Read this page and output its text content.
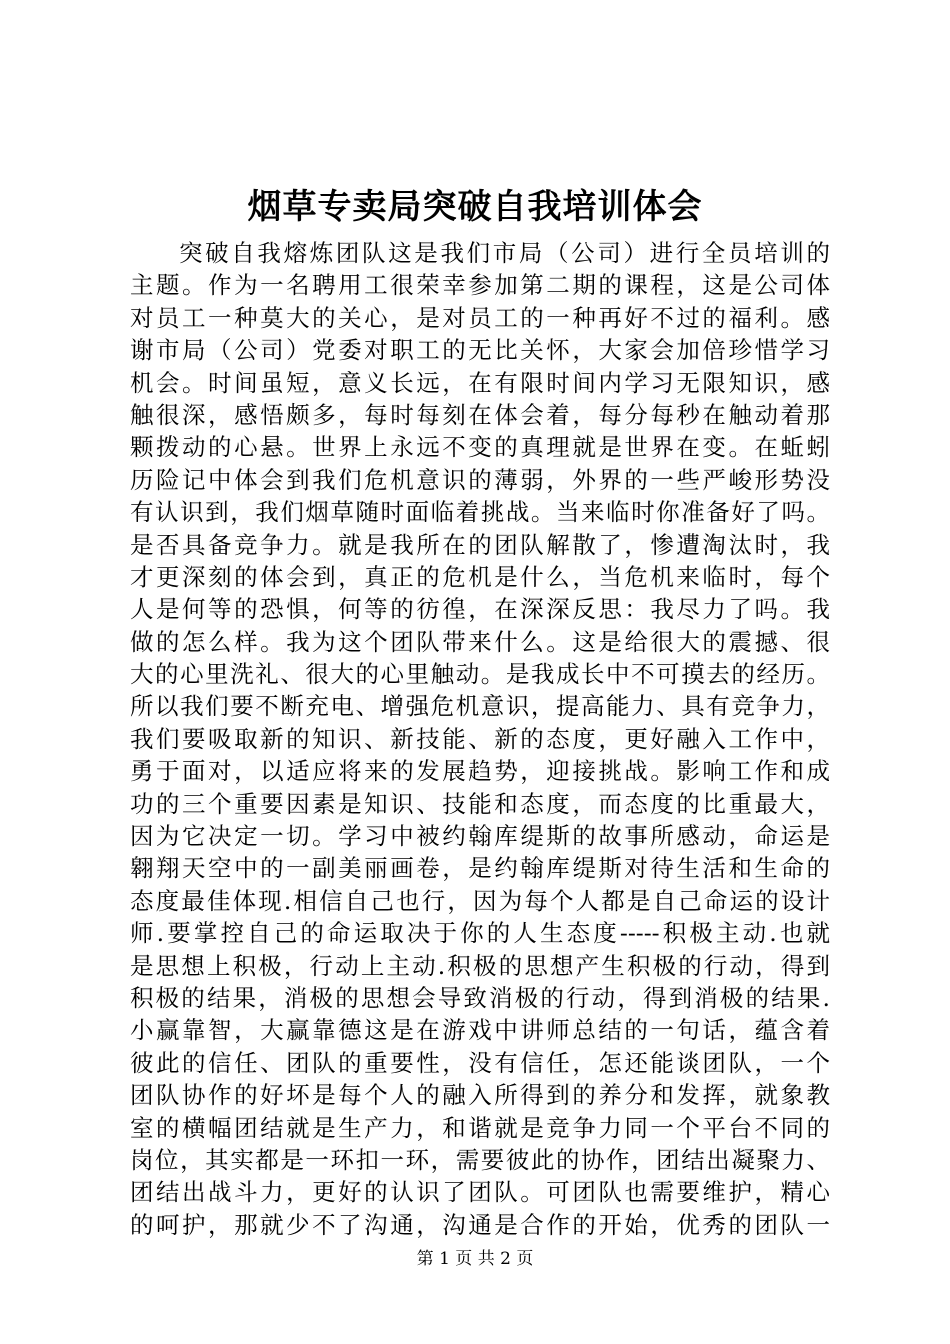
烟草专卖局突破自我培训体会
突破自我熔炼团队这是我们市局（公司）进行全员培训的
主题。作为一名聘用工很荣幸参加第二期的课程，这是公司体
对员工一种莫大的关心，是对员工的一种再好不过的福利。感
谢市局（公司）党委对职工的无比关怀，大家会加倍珍惜学习
机会。时间虽短，意义长远，在有限时间内学习无限知识，感
触很深，感悟颇多，每时每刻在体会着，每分每秒在触动着那
颗拨动的心悬。世界上永远不变的真理就是世界在变。在蚯蚓
历险记中体会到我们危机意识的薄弱，外界的一些严峻形势没
有认识到，我们烟草随时面临着挑战。当来临时你准备好了吗。
是否具备竞争力。就是我所在的团队解散了，惨遭淘汰时，我
才更深刻的体会到，真正的危机是什么，当危机来临时，每个
人是何等的恐惧，何等的彷徨，在深深反思：我尽力了吗。我
做的怎么样。我为这个团队带来什么。这是给很大的震撼、很
大的心里洗礼、很大的心里触动。是我成长中不可摸去的经历。
所以我们要不断充电、增强危机意识，提高能力、具有竞争力，
我们要吸取新的知识、新技能、新的态度，更好融入工作中，
勇于面对，以适应将来的发展趋势，迎接挑战。影响工作和成
功的三个重要因素是知识、技能和态度，而态度的比重最大，
因为它决定一切。学习中被约翰库缇斯的故事所感动，命运是
翱翔天空中的一副美丽画卷，是约翰库缇斯对待生活和生命的
态度最佳体现.相信自己也行，因为每个人都是自己命运的设计
师.要掌控自己的命运取决于你的人生态度-----积极主动.也就
是思想上积极，行动上主动.积极的思想产生积极的行动，得到
积极的结果，消极的思想会导致消极的行动，得到消极的结果.
小赢靠智，大赢靠德这是在游戏中讲师总结的一句话，蕴含着
彼此的信任、团队的重要性，没有信任，怎还能谈团队，一个
团队协作的好坏是每个人的融入所得到的养分和发挥，就象教
室的横幅团结就是生产力，和谐就是竞争力同一个平台不同的
岗位，其实都是一环扣一环，需要彼此的协作，团结出凝聚力、
团结出战斗力，更好的认识了团队。可团队也需要维护，精心
的呵护，那就少不了沟通，沟通是合作的开始，优秀的团队一
第 1 页 共 2 页
